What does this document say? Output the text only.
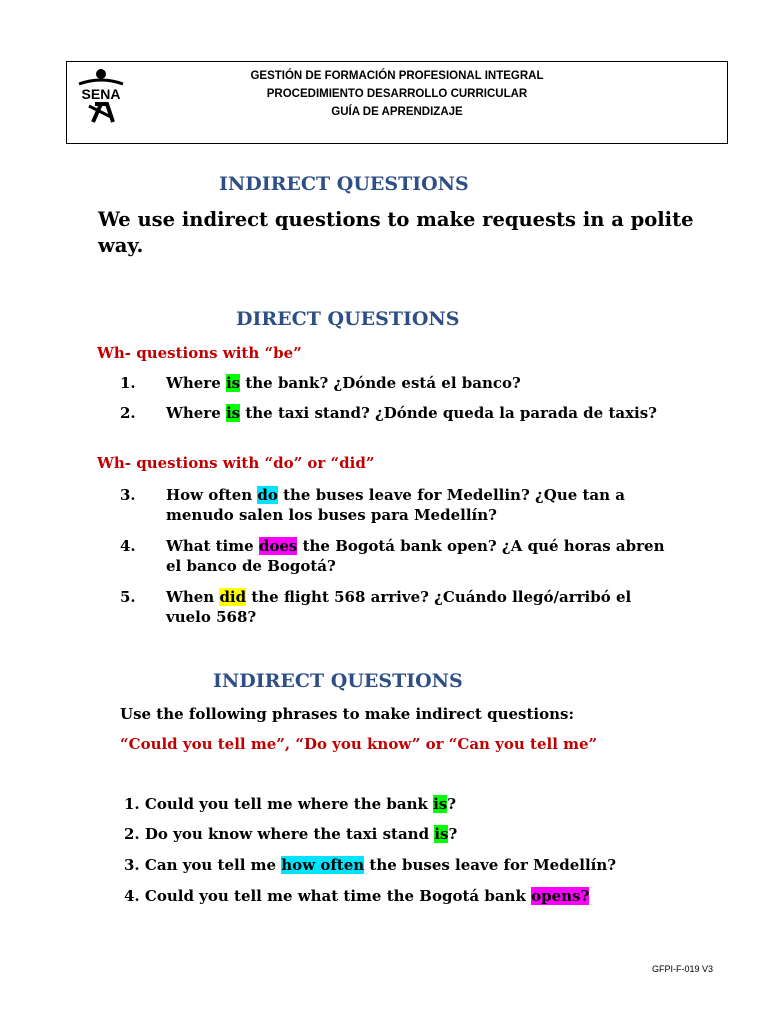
SENA
GESTIÓN DE FORMACIÓN PROFESIONAL INTEGRAL
PROCEDIMIENTO DESARROLLO CURRICULAR
GUÍA DE APRENDIZAJE
INDIRECT QUESTIONS
We use indirect questions to make requests in a polite way.
DIRECT QUESTIONS
Wh- questions with “be”
1. Where is the bank? ¿Dónde está el banco?
2. Where is the taxi stand? ¿Dónde queda la parada de taxis?
Wh- questions with “do” or “did”
3. How often do the buses leave for Medellin? ¿Que tan a menudo salen los buses para Medellín?
4. What time does the Bogotá bank open? ¿A qué horas abren el banco de Bogotá?
5. When did the flight 568 arrive? ¿Cuándo llegó/arribó el vuelo 568?
INDIRECT QUESTIONS
Use the following phrases to make indirect questions:
“Could you tell me”, “Do you know” or “Can you tell me”
1. Could you tell me where the bank is?
2. Do you know where the taxi stand is?
3. Can you tell me how often the buses leave for Medellín?
4. Could you tell me what time the Bogotá bank opens?
GFPI-F-019 V3
